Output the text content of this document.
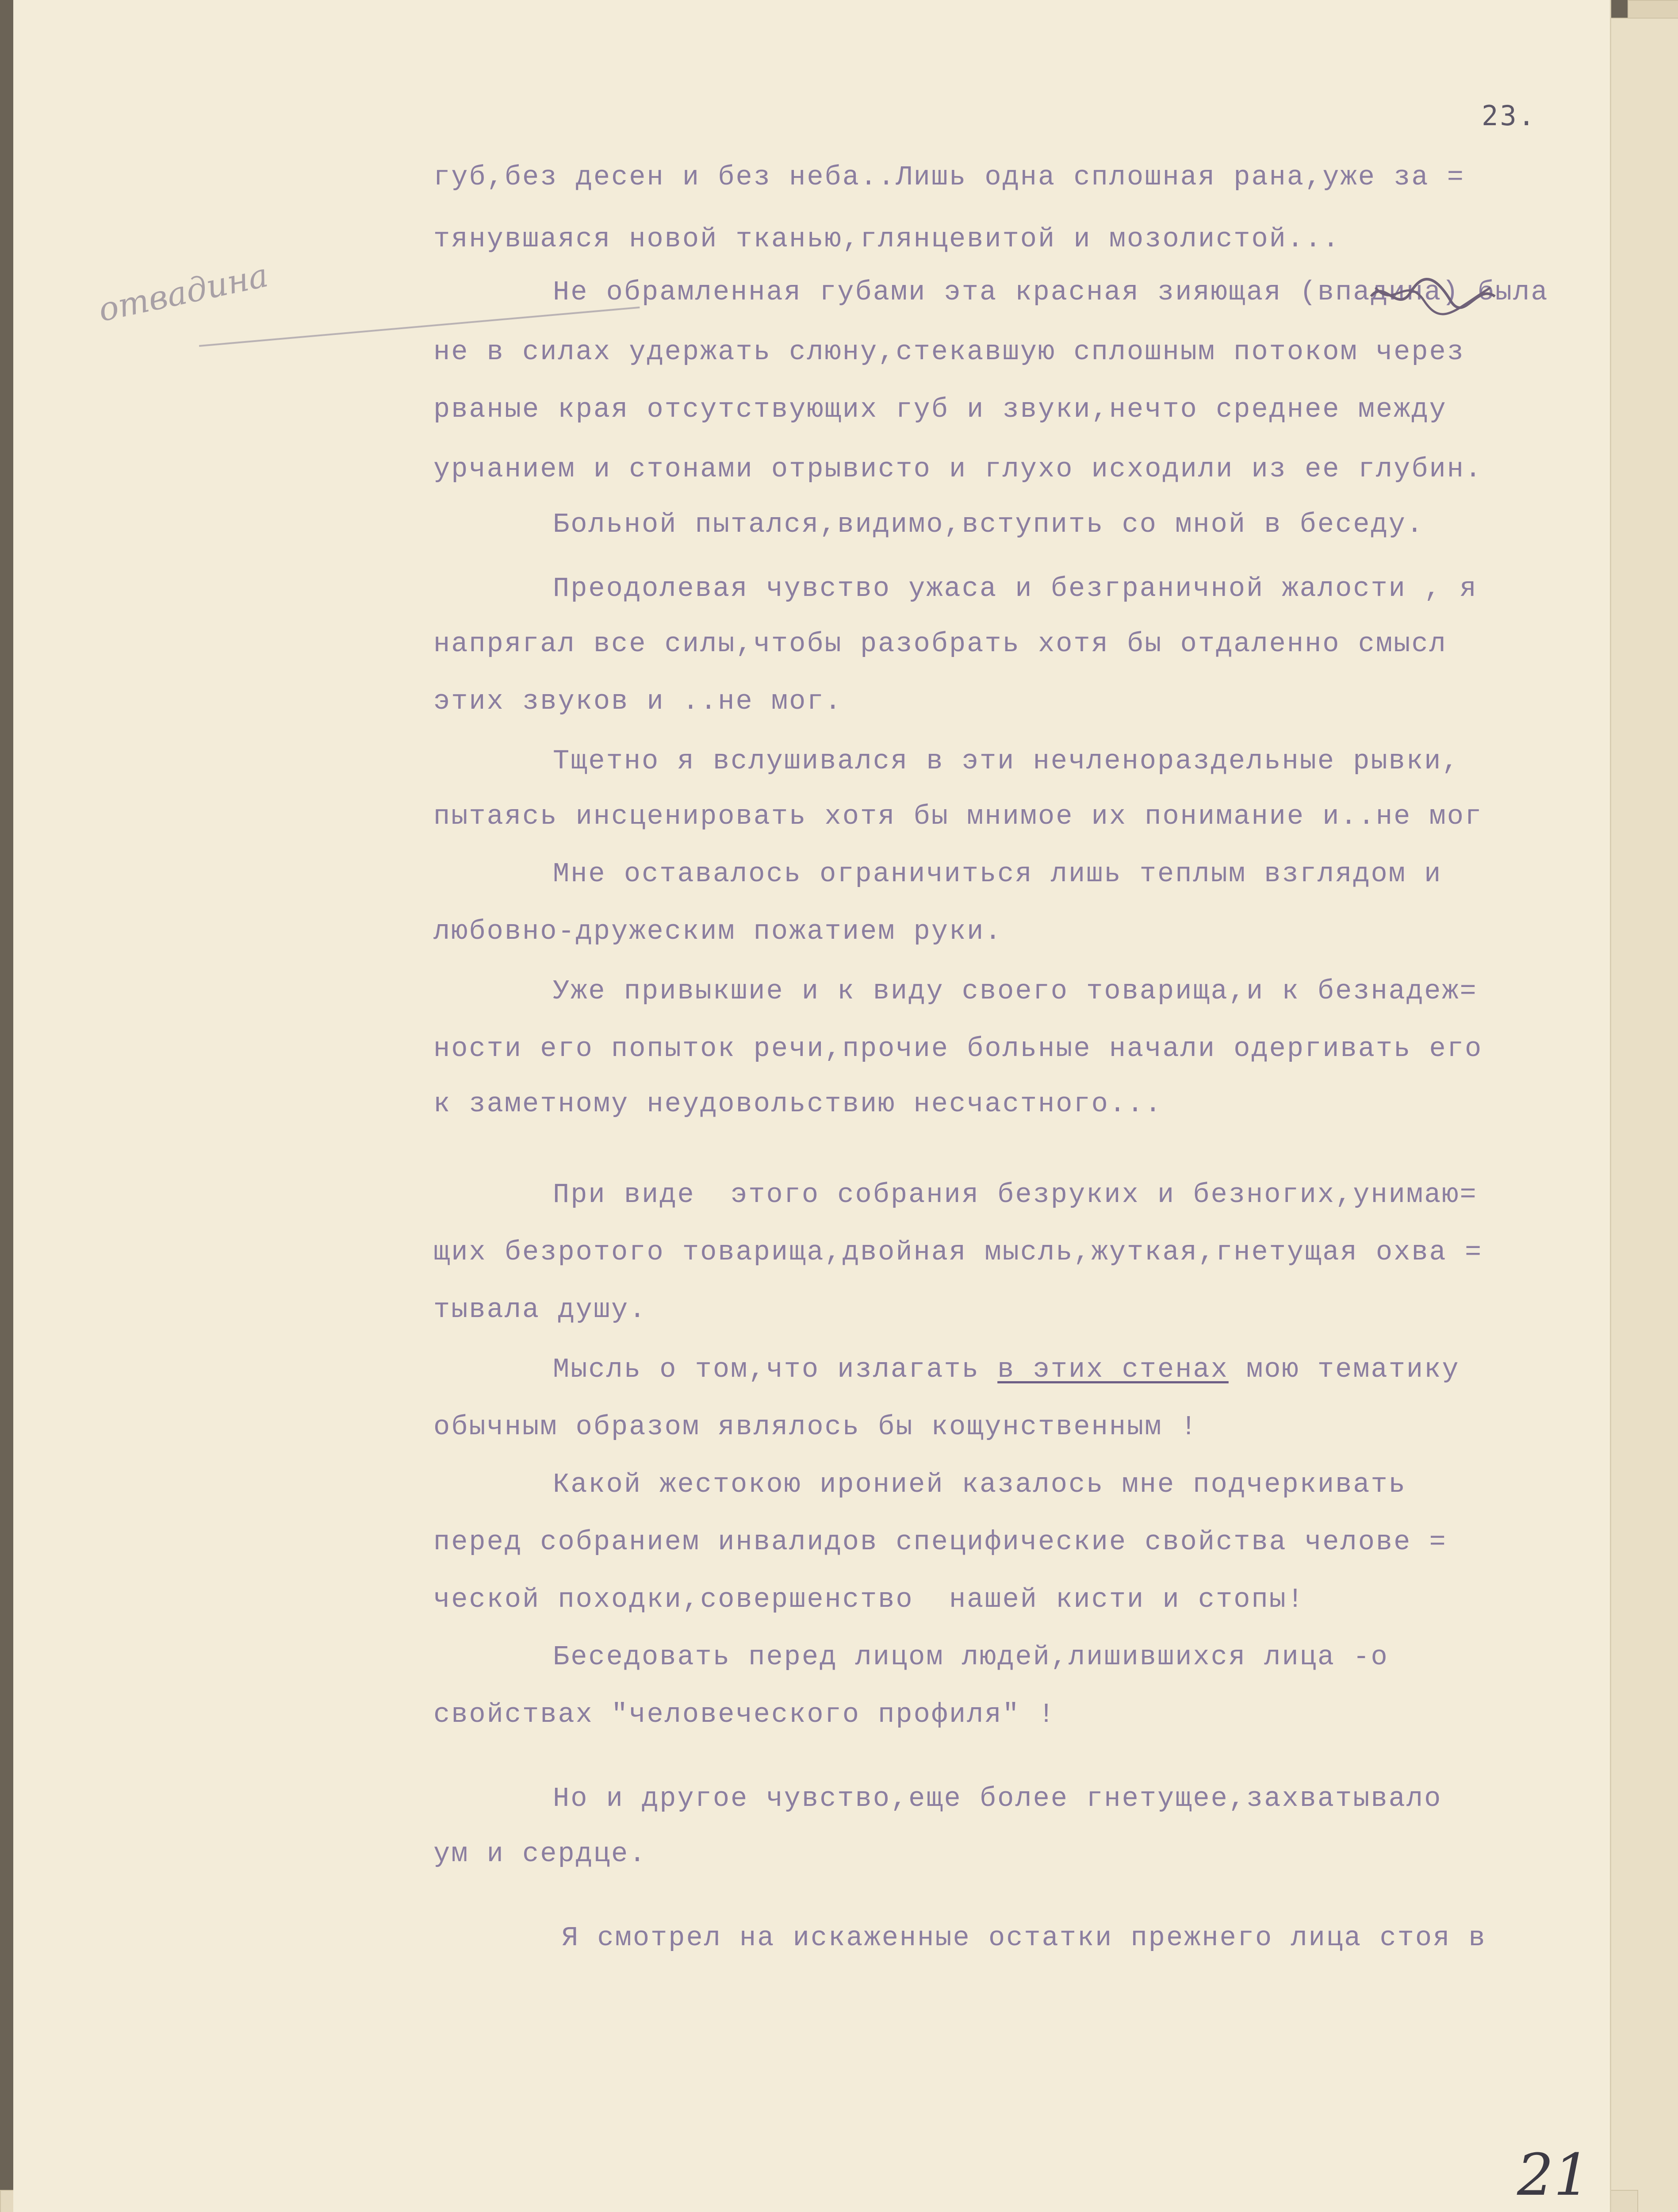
23.
отвадина
губ,без десен и без неба..Лишь одна сплошная рана,уже за =
тянувшаяся новой тканью,глянцевитой и мозолистой...
Не обрамленная губами эта красная зияющая (впадина) была
не в силах удержать слюну,стекавшую сплошным потоком через
рваные края отсутствующих губ и звуки,нечто среднее между
урчанием и стонами отрывисто и глухо исходили из ее глубин.
Больной пытался,видимо,вступить со мной в беседу.
Преодолевая чувство ужаса и безграничной жалости , я
напрягал все силы,чтобы разобрать хотя бы отдаленно смысл
этих звуков и ..не мог.
Тщетно я вслушивался в эти нечленораздельные рывки,
пытаясь инсценировать хотя бы мнимое их понимание и..не мог
Мне оставалось ограничиться лишь теплым взглядом и
любовно-дружеским пожатием руки.
Уже привыкшие и к виду своего товарища,и к безнадеж=
ности его попыток речи,прочие больные начали одергивать его
к заметному неудовольствию несчастного...
При виде  этого собрания безруких и безногих,унимаю=
щих безротого товарища,двойная мысль,жуткая,гнетущая охва =
тывала душу.
Мысль о том,что излагать в этих стенах мою тематику
обычным образом являлось бы кощунственным !
Какой жестокою иронией казалось мне подчеркивать
перед собранием инвалидов специфические свойства челове =
ческой походки,совершенство  нашей кисти и стопы!
Беседовать перед лицом людей,лишившихся лица -о
свойствах "человеческого профиля" !
Но и другое чувство,еще более гнетущее,захватывало
ум и сердце.
Я смотрел на искаженные остатки прежнего лица стоя в
21
